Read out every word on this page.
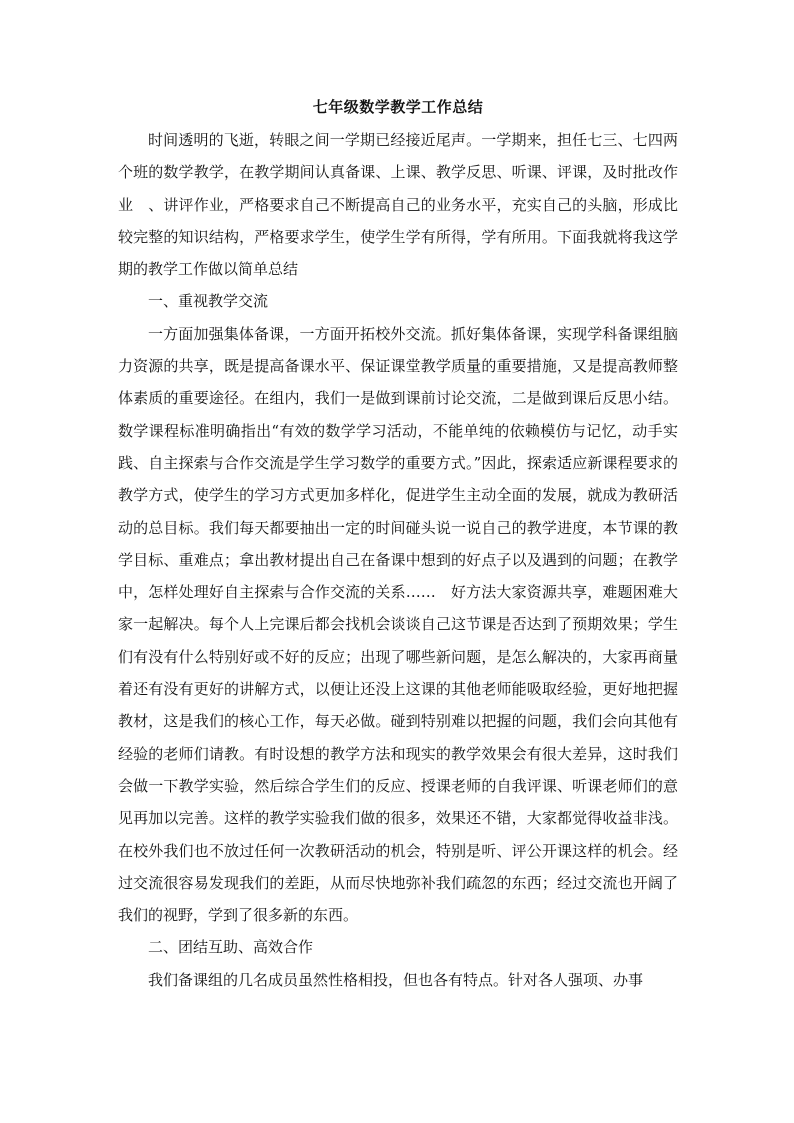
七年级数学教学工作总结

时间透明的飞逝，转眼之间一学期已经接近尾声。一学期来，担任七三、七四两个班的数学教学，在教学期间认真备课、上课、教学反思、听课、评课，及时批改作业　、讲评作业，严格要求自己不断提高自己的业务水平，充实自己的头脑，形成比较完整的知识结构，严格要求学生，使学生学有所得，学有所用。下面我就将我这学期的教学工作做以简单总结

一、重视教学交流

一方面加强集体备课，一方面开拓校外交流。抓好集体备课，实现学科备课组脑力资源的共享，既是提高备课水平、保证课堂教学质量的重要措施，又是提高教师整体素质的重要途径。在组内，我们一是做到课前讨论交流，二是做到课后反思小结。数学课程标准明确指出“有效的数学学习活动，不能单纯的依赖模仿与记忆，动手实践、自主探索与合作交流是学生学习数学的重要方式。”因此，探索适应新课程要求的教学方式，使学生的学习方式更加多样化，促进学生主动全面的发展，就成为教研活动的总目标。我们每天都要抽出一定的时间碰头说一说自己的教学进度，本节课的教学目标、重难点；拿出教材提出自己在备课中想到的好点子以及遇到的问题；在教学中，怎样处理好自主探索与合作交流的关系……　好方法大家资源共享，难题困难大家一起解决。每个人上完课后都会找机会谈谈自己这节课是否达到了预期效果；学生们有没有什么特别好或不好的反应；出现了哪些新问题，是怎么解决的，大家再商量着还有没有更好的讲解方式，以便让还没上这课的其他老师能吸取经验，更好地把握教材，这是我们的核心工作，每天必做。碰到特别难以把握的问题，我们会向其他有经验的老师们请教。有时设想的教学方法和现实的教学效果会有很大差异，这时我们会做一下教学实验，然后综合学生们的反应、授课老师的自我评课、听课老师们的意见再加以完善。这样的教学实验我们做的很多，效果还不错，大家都觉得收益非浅。在校外我们也不放过任何一次教研活动的机会，特别是听、评公开课这样的机会。经过交流很容易发现我们的差距，从而尽快地弥补我们疏忽的东西；经过交流也开阔了我们的视野，学到了很多新的东西。

二、团结互助、高效合作

我们备课组的几名成员虽然性格相投，但也各有特点。针对各人强项、办事
